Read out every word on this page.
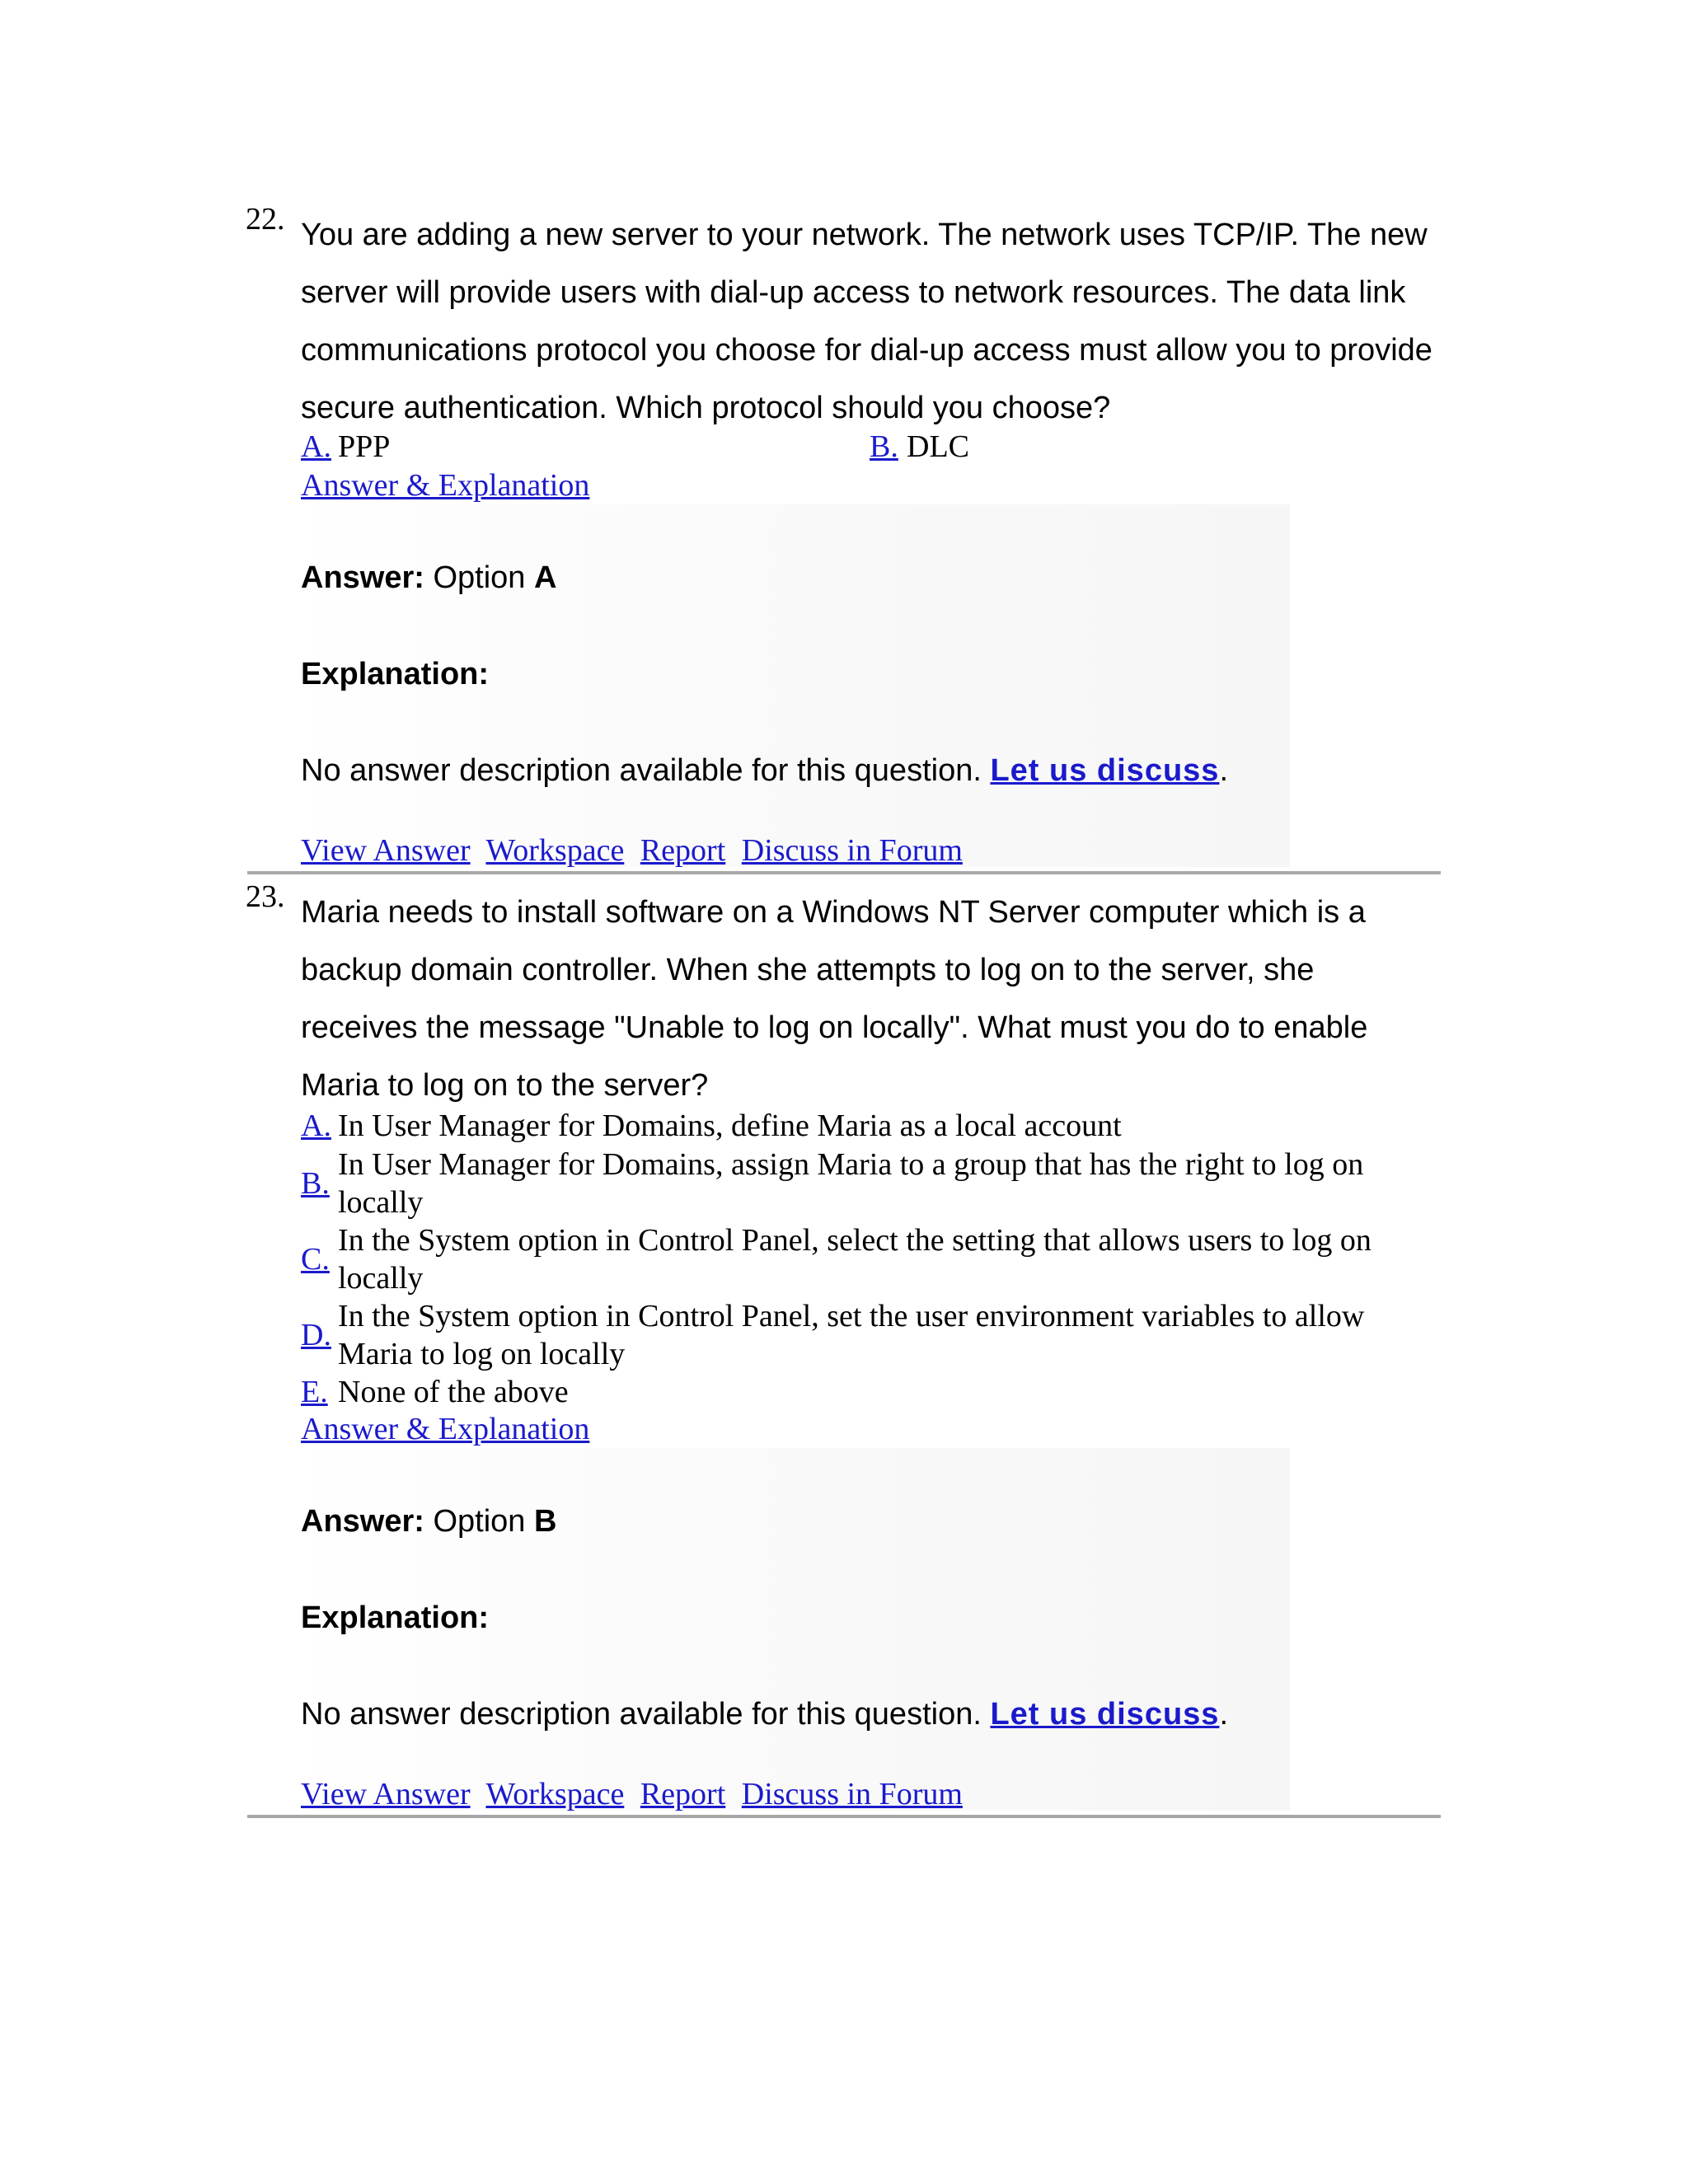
22. You are adding a new server to your network. The network uses TCP/IP. The new server will provide users with dial-up access to network resources. The data link communications protocol you choose for dial-up access must allow you to provide secure authentication. Which protocol should you choose?
A. PPP	B. DLC
Answer & Explanation
Answer: Option A
Explanation:
No answer description available for this question. Let us discuss.
View Answer Workspace Report Discuss in Forum
23. Maria needs to install software on a Windows NT Server computer which is a backup domain controller. When she attempts to log on to the server, she receives the message "Unable to log on locally". What must you do to enable Maria to log on to the server?
A. In User Manager for Domains, define Maria as a local account
B.
In User Manager for Domains, assign Maria to a group that has the right to log on locally
C.
In the System option in Control Panel, select the setting that allows users to log on locally
D.
In the System option in Control Panel, set the user environment variables to allow Maria to log on locally
E. None of the above
Answer & Explanation
Answer: Option B
Explanation:
No answer description available for this question. Let us discuss.
View Answer Workspace Report Discuss in Forum
